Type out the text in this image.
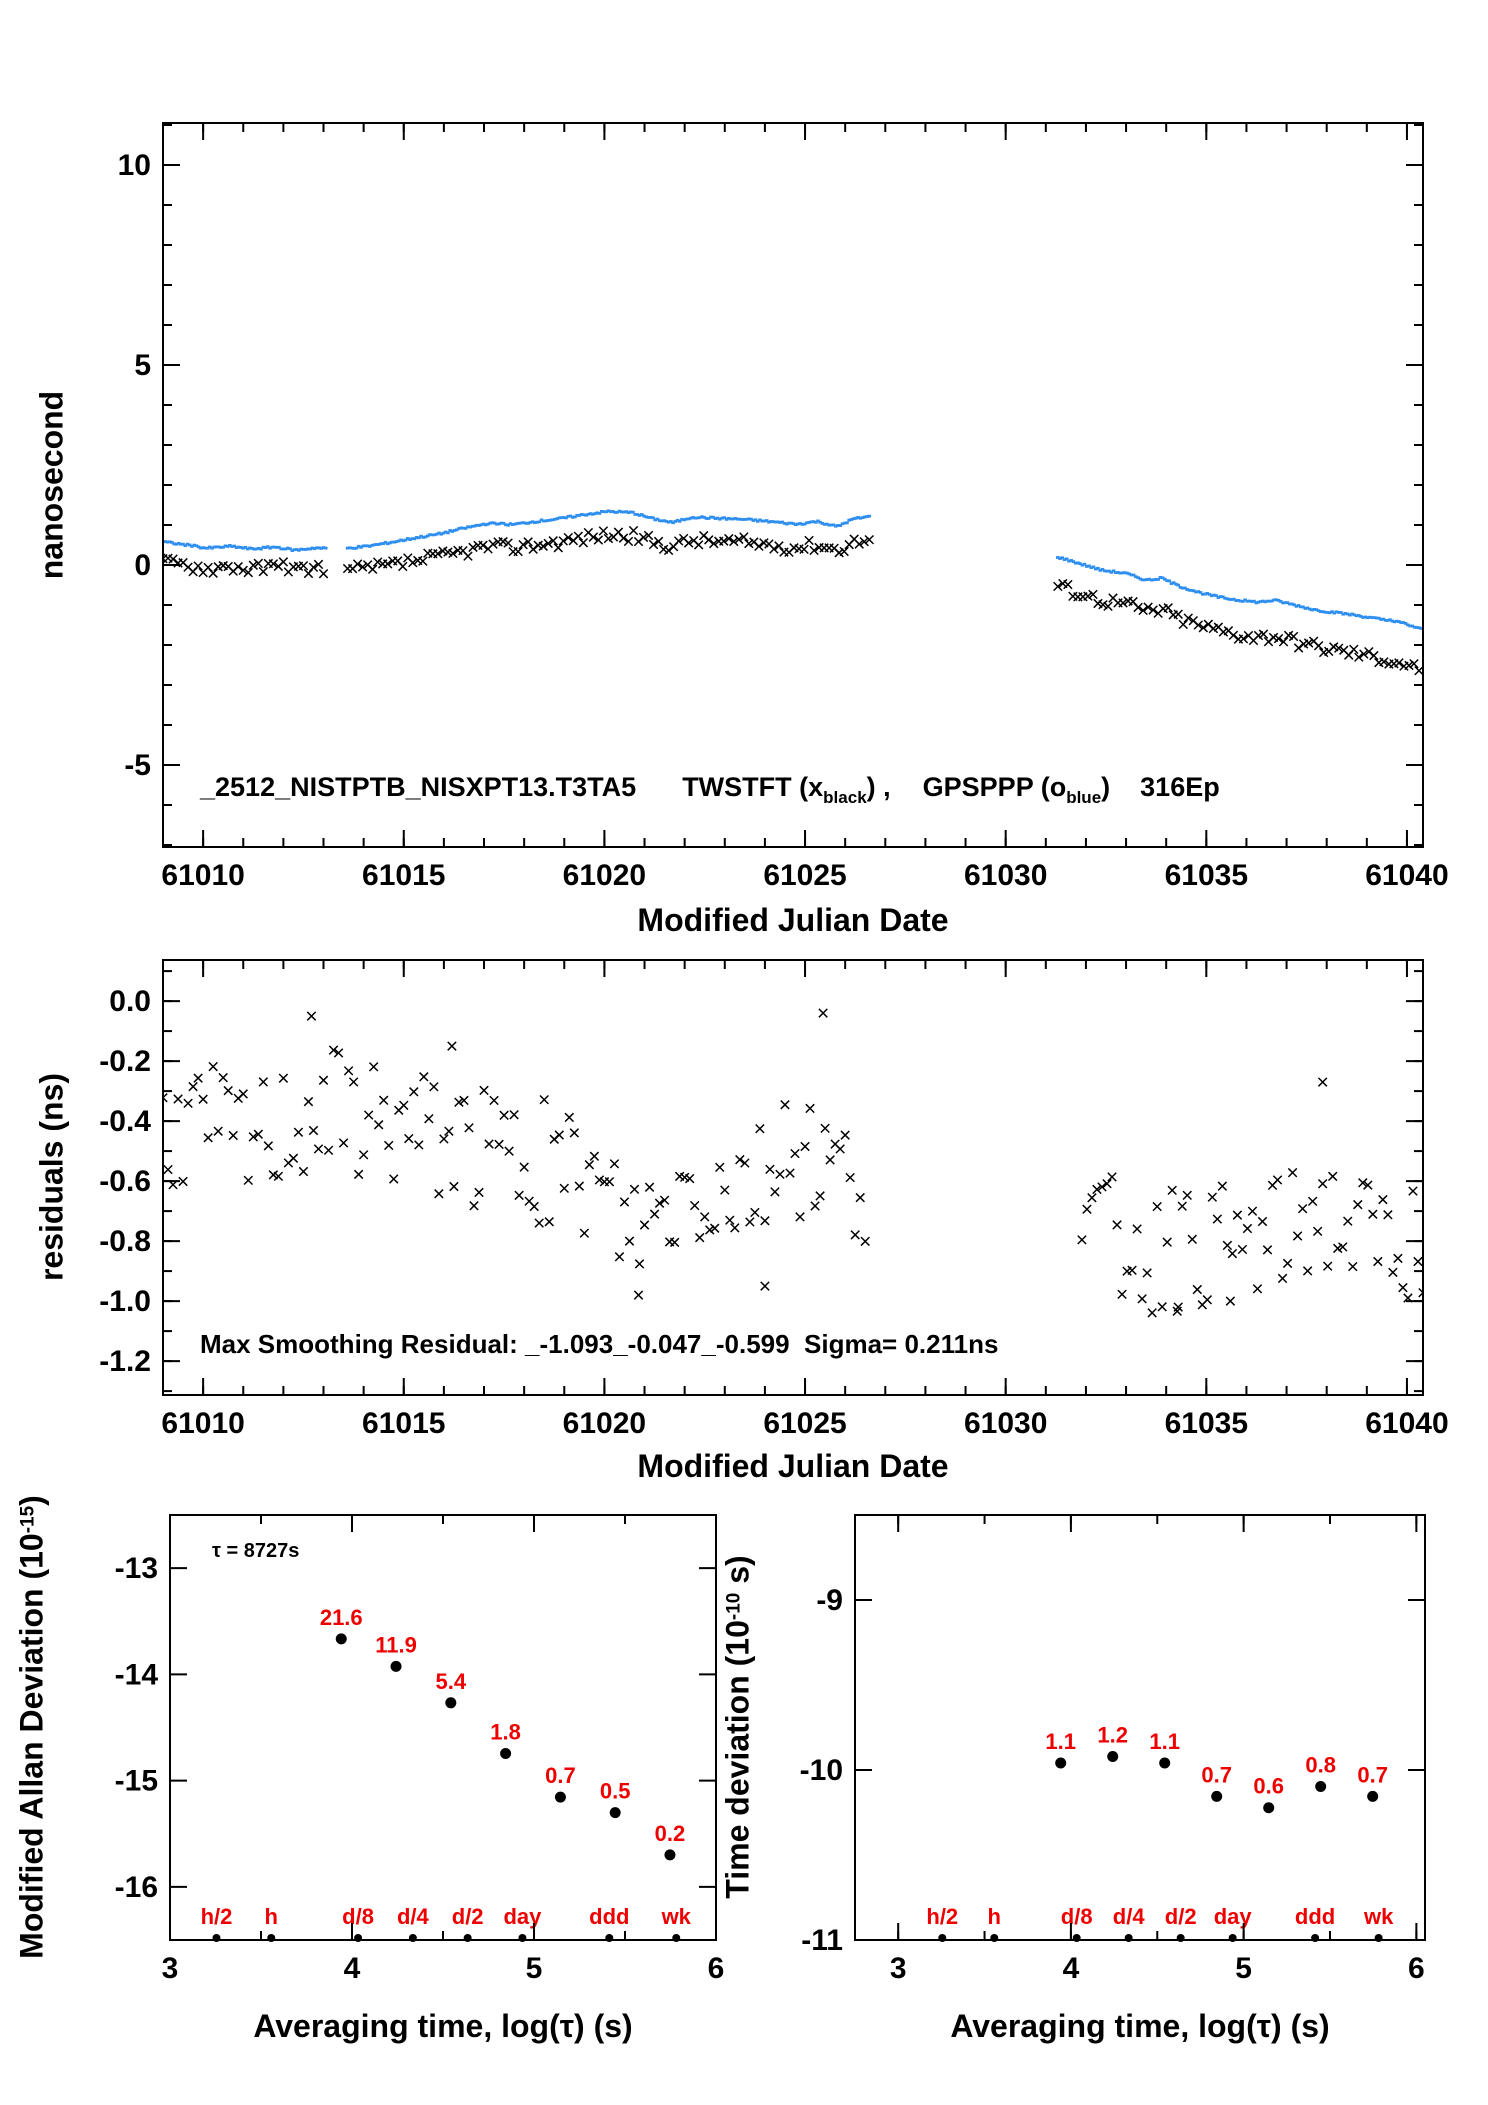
61010	61015	61020	61025	61030	61035	61040
-5
0
5
10
61010	61015	61020	61025	61030	61035	61040
-1.2
-1.0
-0.8
-0.6
-0.4
-0.2
0.0
21.6
11.9
5.4
1.8
0.7
0.5
0.2
h/2 h	d/8 d/4 d/2 day ddd wk
3	4	5	6
-16
-15
-14
-13
1.1 1.2 1.1
0.7 0.6
0.8 0.7
h/2 h	d/8 d/4 d/2 day ddd wk
3	4	5	6
-11
-10
-9
Modified Julian Date
nanosecond
Modified Julian Date
residuals (ns)
Modified Allan Deviation $(10^{-15})$
Time deviation ($10^{-10}$ s)
Averaging time, log(τ) (s)	Averaging time, log(τ) (s)
_2512_NISTPTB_NISXPT13.T3TA5 TWSTFT $(x_{black})$ , GPSPPP $(o_{blue})$ 316Ep
Max Smoothing Residual: _-1.093_-0.047_-0.599  Sigma= 0.211ns
τ = 8727s
